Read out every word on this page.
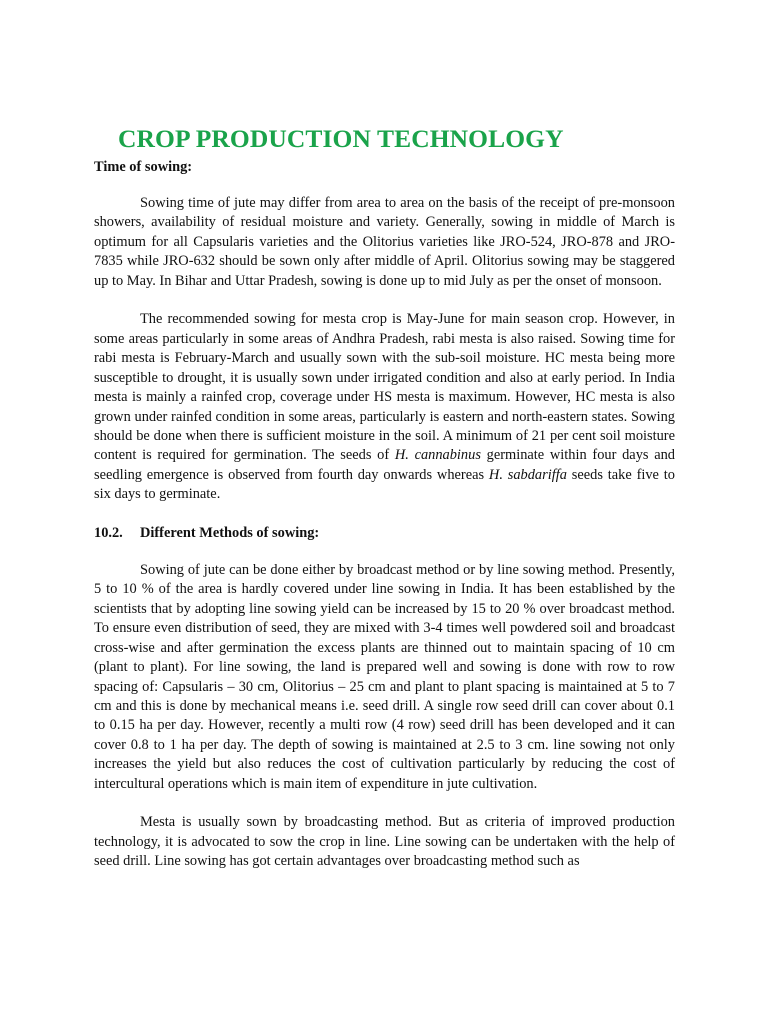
CROP PRODUCTION TECHNOLOGY
Time of sowing:

Sowing time of jute may differ from area to area on the basis of the receipt of pre-monsoon showers, availability of residual moisture and variety. Generally, sowing in middle of March is optimum for all Capsularis varieties and the Olitorius varieties like JRO-524, JRO-878 and JRO-7835 while JRO-632 should be sown only after middle of April. Olitorius sowing may be staggered up to May. In Bihar and Uttar Pradesh, sowing is done up to mid July as per the onset of monsoon.

The recommended sowing for mesta crop is May-June for main season crop. However, in some areas particularly in some areas of Andhra Pradesh, rabi mesta is also raised. Sowing time for rabi mesta is February-March and usually sown with the sub-soil moisture. HC mesta being more susceptible to drought, it is usually sown under irrigated condition and also at early period. In India mesta is mainly a rainfed crop, coverage under HS mesta is maximum. However, HC mesta is also grown under rainfed condition in some areas, particularly is eastern and north-eastern states. Sowing should be done when there is sufficient moisture in the soil. A minimum of 21 per cent soil moisture content is required for germination. The seeds of H. cannabinus germinate within four days and seedling emergence is observed from fourth day onwards whereas H. sabdariffa seeds take five to six days to germinate.

10.2. Different Methods of sowing:

Sowing of jute can be done either by broadcast method or by line sowing method. Presently, 5 to 10 % of the area is hardly covered under line sowing in India. It has been established by the scientists that by adopting line sowing yield can be increased by 15 to 20 % over broadcast method. To ensure even distribution of seed, they are mixed with 3-4 times well powdered soil and broadcast cross-wise and after germination the excess plants are thinned out to maintain spacing of 10 cm (plant to plant). For line sowing, the land is prepared well and sowing is done with row to row spacing of: Capsularis – 30 cm, Olitorius – 25 cm and plant to plant spacing is maintained at 5 to 7 cm and this is done by mechanical means i.e. seed drill. A single row seed drill can cover about 0.1 to 0.15 ha per day. However, recently a multi row (4 row) seed drill has been developed and it can cover 0.8 to 1 ha per day. The depth of sowing is maintained at 2.5 to 3 cm. line sowing not only increases the yield but also reduces the cost of cultivation particularly by reducing the cost of intercultural operations which is main item of expenditure in jute cultivation.

Mesta is usually sown by broadcasting method. But as criteria of improved production technology, it is advocated to sow the crop in line. Line sowing can be undertaken with the help of seed drill. Line sowing has got certain advantages over broadcasting method such as
